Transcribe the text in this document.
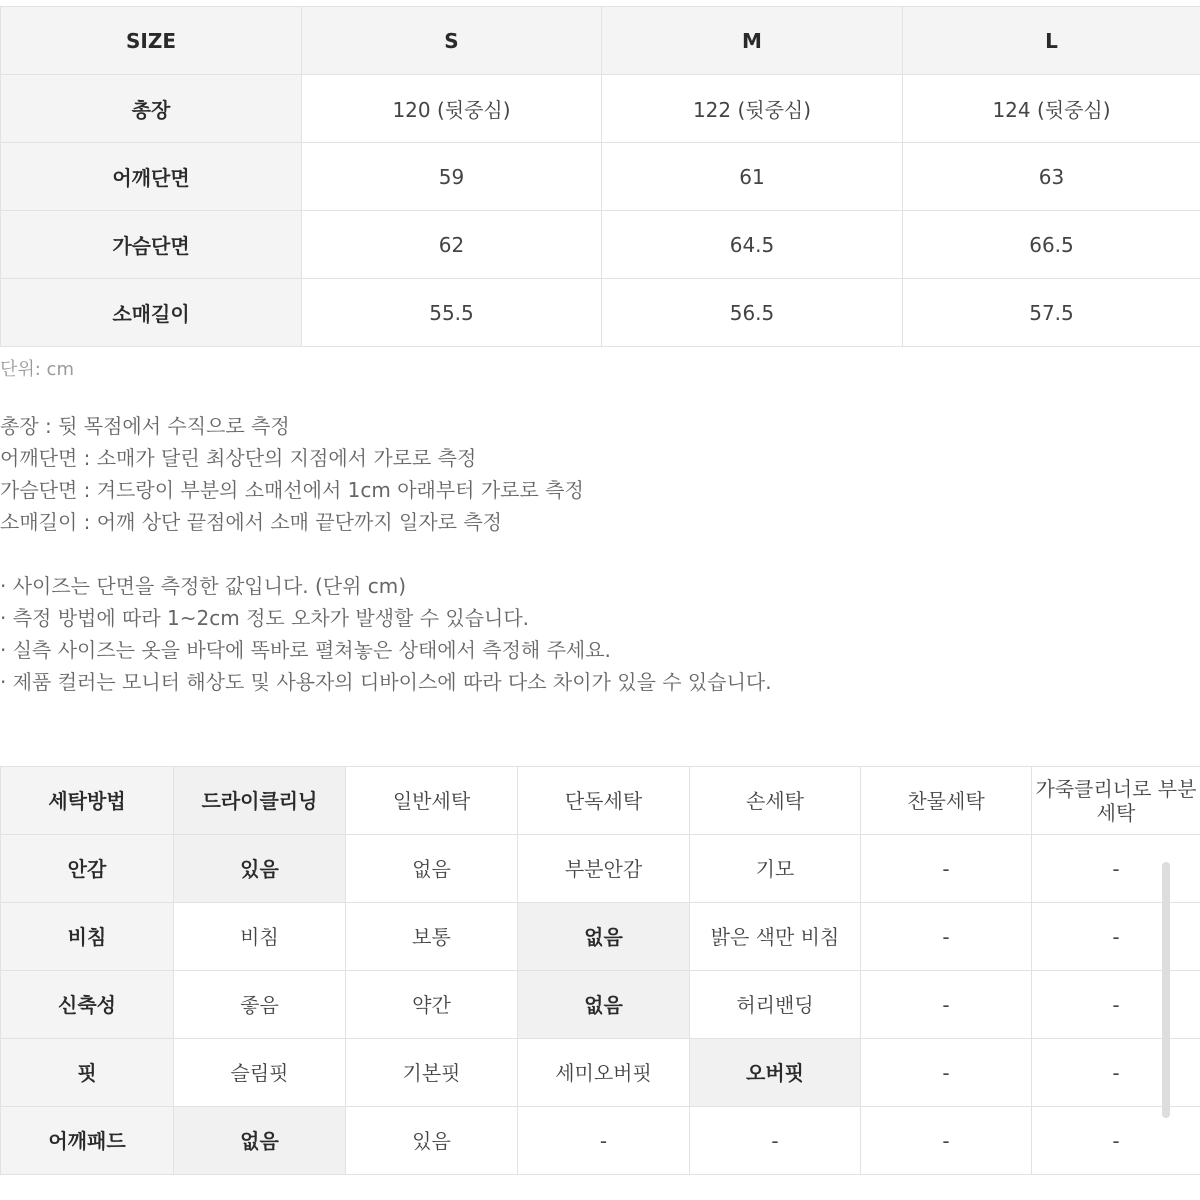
SIZE	S	M	L
총장	120 (뒷중심)	122 (뒷중심)	124 (뒷중심)
어깨단면	59	61	63
가슴단면	62	64.5	66.5
소매길이	55.5	56.5	57.5
단위: cm
총장 : 뒷 목점에서 수직으로 측정
어깨단면 : 소매가 달린 최상단의 지점에서 가로로 측정
가슴단면 : 겨드랑이 부분의 소매선에서 1cm 아래부터 가로로 측정
소매길이 : 어깨 상단 끝점에서 소매 끝단까지 일자로 측정
· 사이즈는 단면을 측정한 값입니다. (단위 cm)
· 측정 방법에 따라 1~2cm 정도 오차가 발생할 수 있습니다.
· 실측 사이즈는 옷을 바닥에 똑바로 펼쳐놓은 상태에서 측정해 주세요.
· 제품 컬러는 모니터 해상도 및 사용자의 디바이스에 따라 다소 차이가 있을 수 있습니다.
세탁방법	드라이클리닝	일반세탁	단독세탁	손세탁	찬물세탁	가죽클리너로 부분세탁
안감	있음	없음	부분안감	기모	-	-
비침	비침	보통	없음	밝은 색만 비침	-	-
신축성	좋음	약간	없음	허리밴딩	-	-
핏	슬림핏	기본핏	세미오버핏	오버핏	-	-
어깨패드	없음	있음	-	-	-	-
